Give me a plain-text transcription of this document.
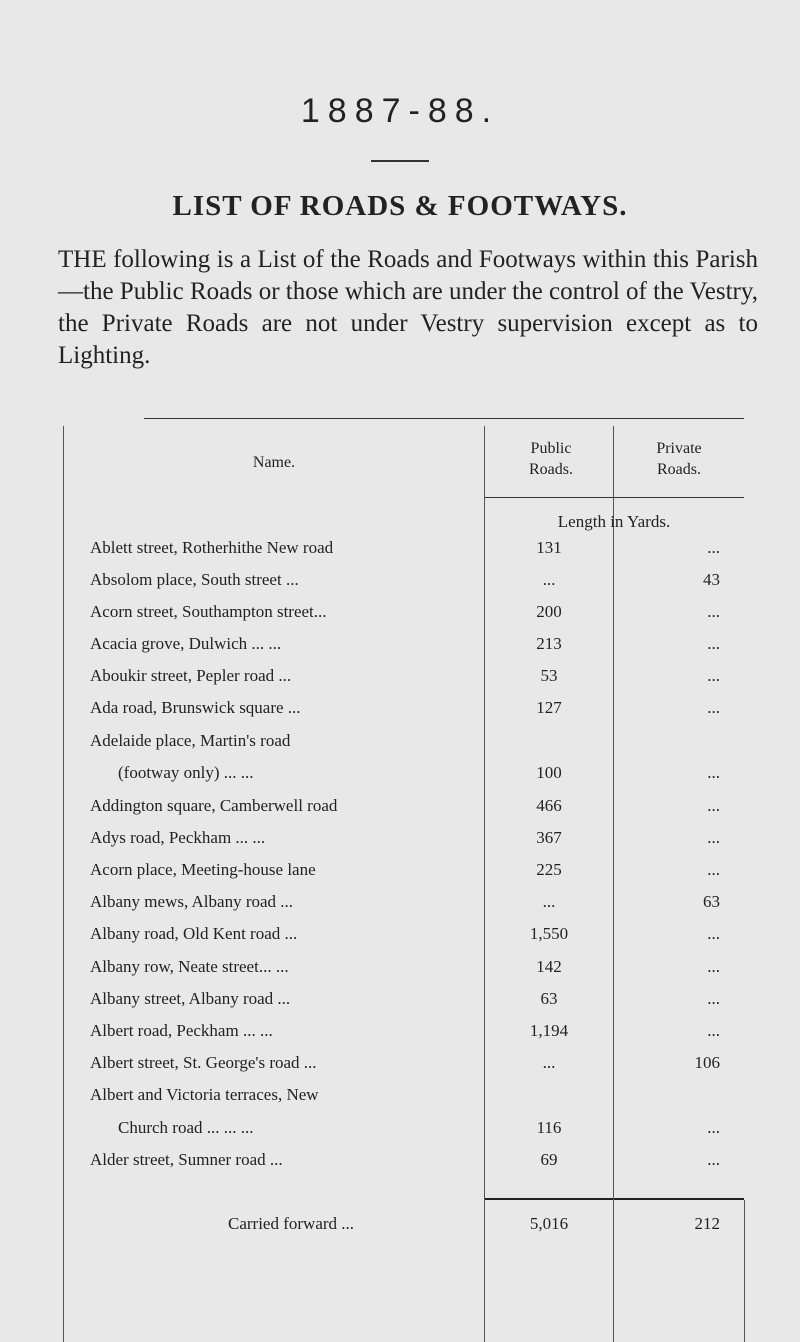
1887-88.
LIST OF ROADS & FOOTWAYS.
THE following is a List of the Roads and Footways within this Parish—the Public Roads or those which are under the control of the Vestry, the Private Roads are not under Vestry supervision except as to Lighting.
Name.
Public Roads.
Private Roads.
Length in Yards.
Ablett street, Rotherhithe New road	131	...
Absolom place, South street ...	...	43
Acorn street, Southampton street...	200	...
Acacia grove, Dulwich ... ...	213	...
Aboukir street, Pepler road ...	53	...
Ada road, Brunswick square ...	127	...
Adelaide place, Martin's road
(footway only) ... ...	100	...
Addington square, Camberwell road	466	...
Adys road, Peckham ... ...	367	...
Acorn place, Meeting-house lane	225	...
Albany mews, Albany road ...	...	63
Albany road, Old Kent road ...	1,550	...
Albany row, Neate street... ...	142	...
Albany street, Albany road ...	63	...
Albert road, Peckham ... ...	1,194	...
Albert street, St. George's road ...	...	106
Albert and Victoria terraces, New
Church road ... ... ...	116	...
Alder street, Sumner road ...	69	...
Carried forward ...	5,016	212
